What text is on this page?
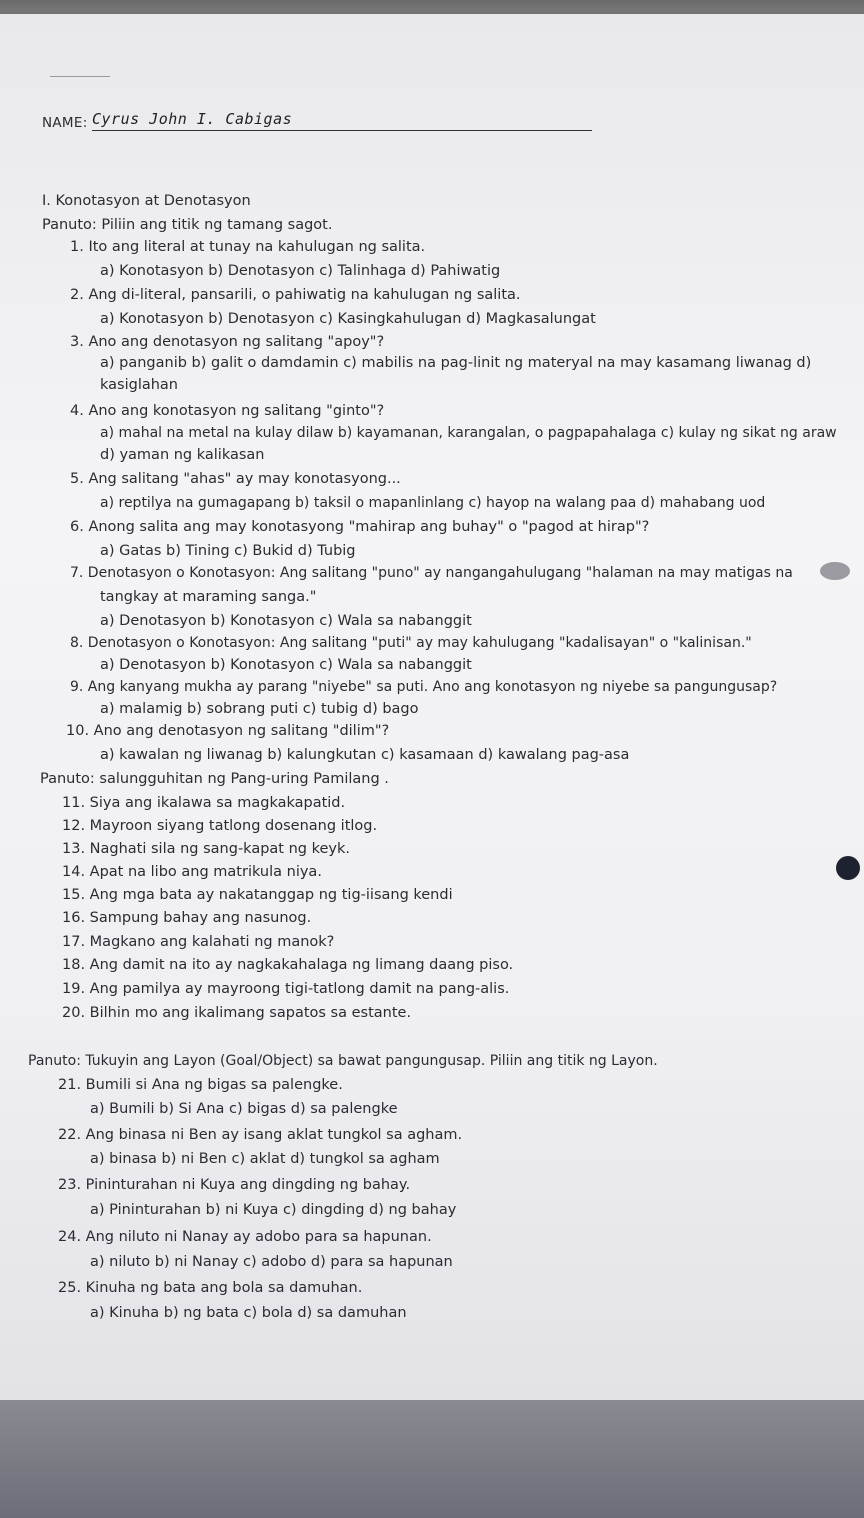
NAME: Cyrus John I. Cabigas
I. Konotasyon at Denotasyon
Panuto: Piliin ang titik ng tamang sagot.
1. Ito ang literal at tunay na kahulugan ng salita.
a) Konotasyon b) Denotasyon c) Talinhaga d) Pahiwatig
2. Ang di-literal, pansarili, o pahiwatig na kahulugan ng salita.
a) Konotasyon b) Denotasyon c) Kasingkahulugan d) Magkasalungat
3. Ano ang denotasyon ng salitang "apoy"?
a) panganib b) galit o damdamin c) mabilis na pag-linit ng materyal na may kasamang liwanag d)
kasiglahan
4. Ano ang konotasyon ng salitang "ginto"?
a) mahal na metal na kulay dilaw b) kayamanan, karangalan, o pagpapahalaga c) kulay ng sikat ng araw
d) yaman ng kalikasan
5. Ang salitang "ahas" ay may konotasyong...
a) reptilya na gumagapang b) taksil o mapanlinlang c) hayop na walang paa d) mahabang uod
6. Anong salita ang may konotasyong "mahirap ang buhay" o "pagod at hirap"?
a) Gatas b) Tining c) Bukid d) Tubig
7. Denotasyon o Konotasyon: Ang salitang "puno" ay nangangahulugang "halaman na may matigas na
tangkay at maraming sanga."
a) Denotasyon b) Konotasyon c) Wala sa nabanggit
8. Denotasyon o Konotasyon: Ang salitang "puti" ay may kahulugang "kadalisayan" o "kalinisan."
a) Denotasyon b) Konotasyon c) Wala sa nabanggit
9. Ang kanyang mukha ay parang "niyebe" sa puti. Ano ang konotasyon ng niyebe sa pangungusap?
a) malamig b) sobrang puti c) tubig d) bago
10. Ano ang denotasyon ng salitang "dilim"?
a) kawalan ng liwanag b) kalungkutan c) kasamaan d) kawalang pag-asa
Panuto: salungguhitan ng Pang-uring Pamilang .
11. Siya ang ikalawa sa magkakapatid.
12. Mayroon siyang tatlong dosenang itlog.
13. Naghati sila ng sang-kapat ng keyk.
14. Apat na libo ang matrikula niya.
15. Ang mga bata ay nakatanggap ng tig-iisang kendi
16. Sampung bahay ang nasunog.
17. Magkano ang kalahati ng manok?
18. Ang damit na ito ay nagkakahalaga ng limang daang piso.
19. Ang pamilya ay mayroong tigi-tatlong damit na pang-alis.
20. Bilhin mo ang ikalimang sapatos sa estante.
Panuto: Tukuyin ang Layon (Goal/Object) sa bawat pangungusap. Piliin ang titik ng Layon.
21. Bumili si Ana ng bigas sa palengke.
a) Bumili b) Si Ana c) bigas d) sa palengke
22. Ang binasa ni Ben ay isang aklat tungkol sa agham.
a) binasa b) ni Ben c) aklat d) tungkol sa agham
23. Pininturahan ni Kuya ang dingding ng bahay.
a) Pininturahan b) ni Kuya c) dingding d) ng bahay
24. Ang niluto ni Nanay ay adobo para sa hapunan.
a) niluto b) ni Nanay c) adobo d) para sa hapunan
25. Kinuha ng bata ang bola sa damuhan.
a) Kinuha b) ng bata c) bola d) sa damuhan
